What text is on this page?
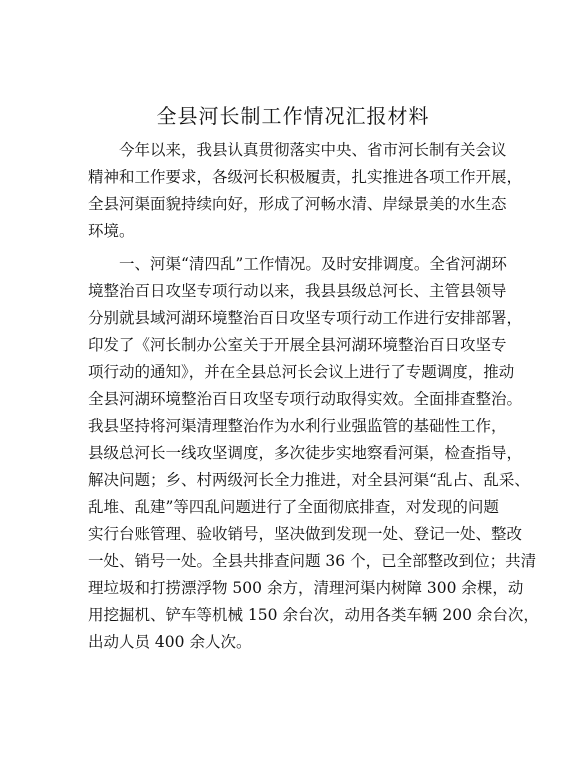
全县河长制工作情况汇报材料
今年以来，我县认真贯彻落实中央、省市河长制有关会议
精神和工作要求，各级河长积极履责，扎实推进各项工作开展，
全县河渠面貌持续向好，形成了河畅水清、岸绿景美的水生态
环境。
一、河渠“清四乱”工作情况。及时安排调度。全省河湖环
境整治百日攻坚专项行动以来，我县县级总河长、主管县领导
分别就县域河湖环境整治百日攻坚专项行动工作进行安排部署，
印发了《河长制办公室关于开展全县河湖环境整治百日攻坚专
项行动的通知》，并在全县总河长会议上进行了专题调度，推动
全县河湖环境整治百日攻坚专项行动取得实效。全面排查整治。
我县坚持将河渠清理整治作为水利行业强监管的基础性工作，
县级总河长一线攻坚调度，多次徒步实地察看河渠，检查指导，
解决问题；乡、村两级河长全力推进，对全县河渠“乱占、乱采、
乱堆、乱建”等四乱问题进行了全面彻底排查，对发现的问题
实行台账管理、验收销号，坚决做到发现一处、登记一处、整改
一处、销号一处。全县共排查问题 36 个，已全部整改到位；共清
理垃圾和打捞漂浮物 500 余方，清理河渠内树障 300 余棵，动
用挖掘机、铲车等机械 150 余台次，动用各类车辆 200 余台次，
出动人员 400 余人次。
